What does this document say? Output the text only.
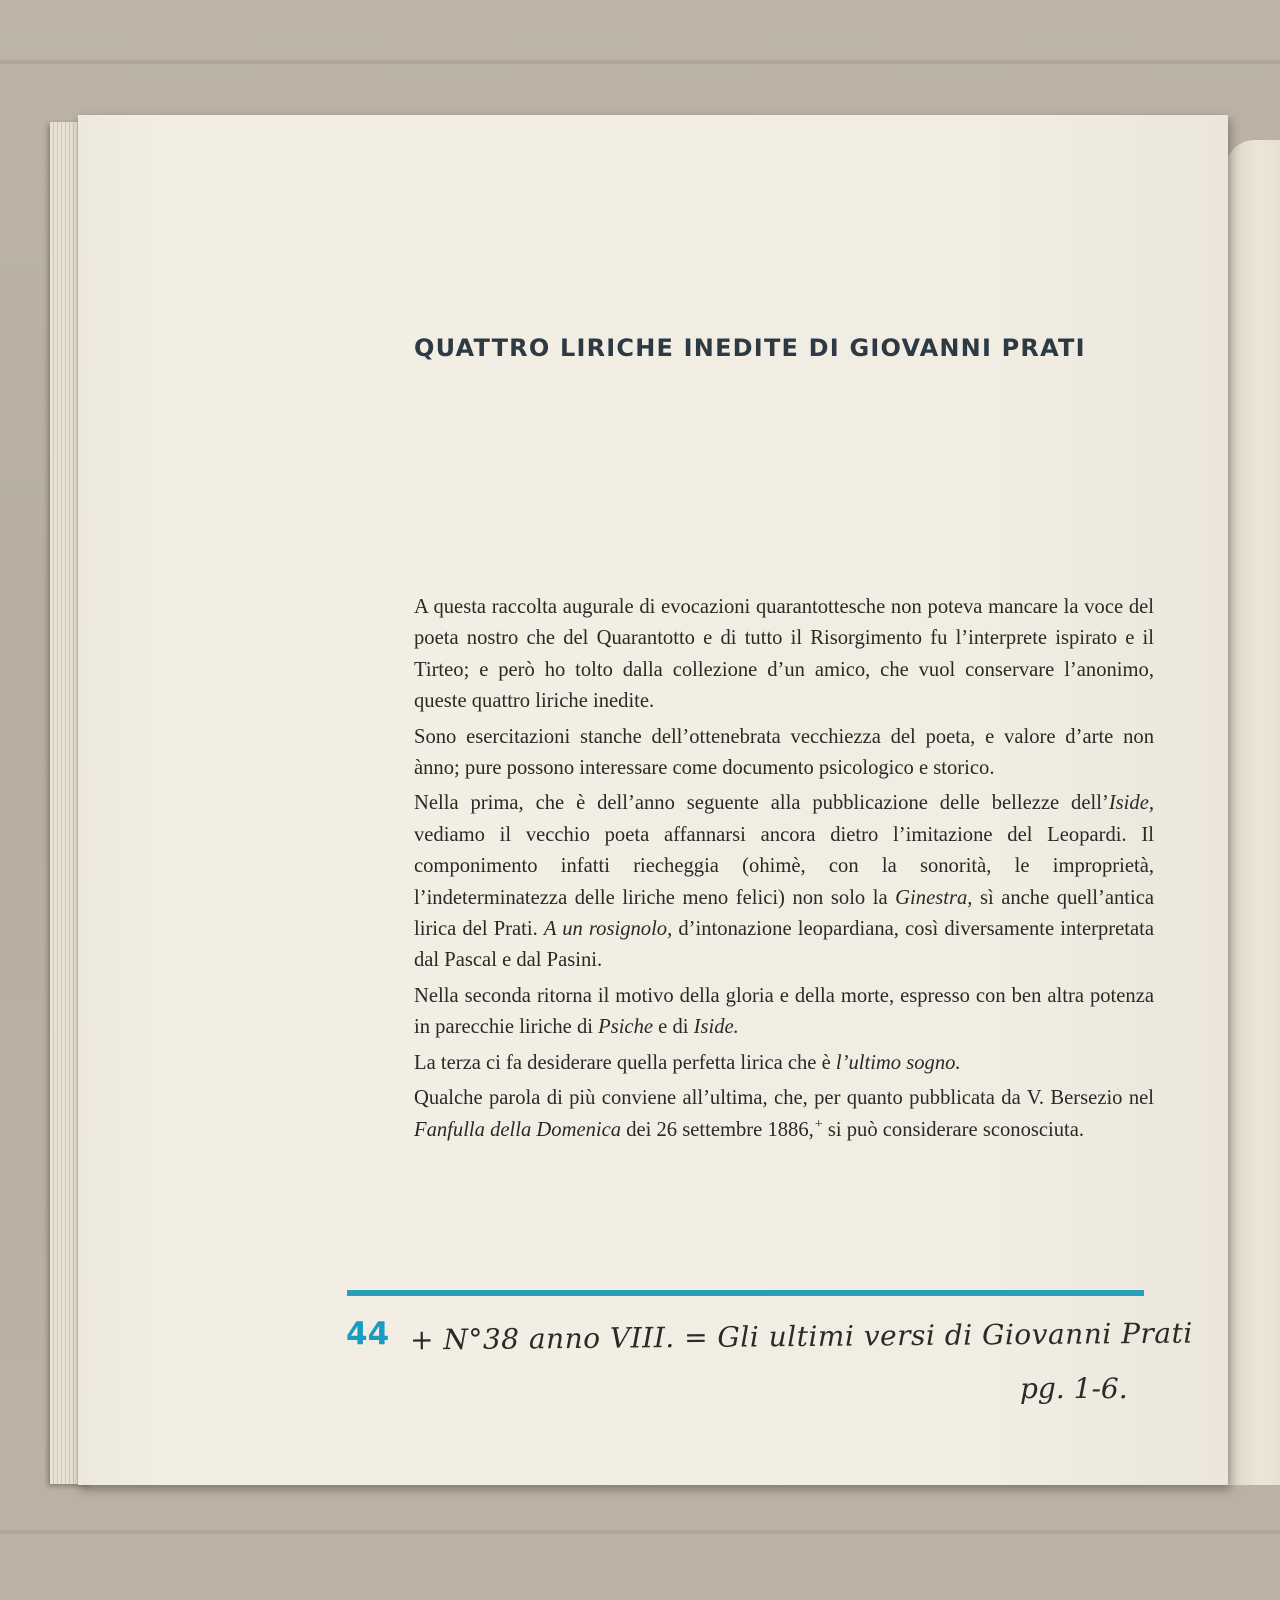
QUATTRO LIRICHE INEDITE DI GIOVANNI PRATI

A questa raccolta augurale di evocazioni quarantottesche non poteva mancare la voce del poeta nostro che del Quarantotto e di tutto il Risorgimento fu l’interprete ispirato e il Tirteo; e però ho tolto dalla collezione d’un amico, che vuol conservare l’anonimo, queste quattro liriche inedite.

Sono esercitazioni stanche dell’ottenebrata vecchiezza del poeta, e valore d’arte non ànno; pure possono interessare come documento psicologico e storico.

Nella prima, che è dell’anno seguente alla pubblicazione delle bellezze dell’Iside, vediamo il vecchio poeta affannarsi ancora dietro l’imitazione del Leopardi. Il componimento infatti riecheggia (ohimè, con la sonorità, le improprietà, l’indeterminatezza delle liriche meno felici) non solo la Ginestra, sì anche quell’antica lirica del Prati. A un rosignolo, d’intonazione leopardiana, così diversamente interpretata dal Pascal e dal Pasini.

Nella seconda ritorna il motivo della gloria e della morte, espresso con ben altra potenza in parecchie liriche di Psiche e di Iside.

La terza ci fa desiderare quella perfetta lirica che è l’ultimo sogno.

Qualche parola di più conviene all’ultima, che, per quanto pubblicata da V. Bersezio nel Fanfulla della Domenica dei 26 settembre 1886,+ si può considerare sconosciuta.

44 + N°38 anno VIII. = Gli ultimi versi di Giovanni Prati
pg. 1-6.
